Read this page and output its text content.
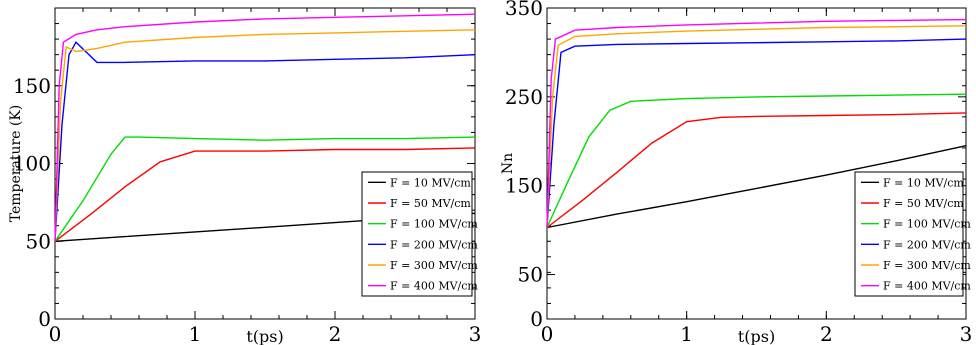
0	1	2	3
0
50
100
150
t(ps)
Temperature (K)	F = 10 MV/cm
F = 50 MV/cm
F = 100 MV/cm
F = 200 MV/cm
F = 300 MV/cm
F = 400 MV/cm
0	1	2	3
0
50
150
250
350
t(ps)
Nn
F = 10 MV/cm
F = 50 MV/cm
F = 100 MV/cm
F = 200 MV/cm
F = 300 MV/cm
F = 400 MV/cm
